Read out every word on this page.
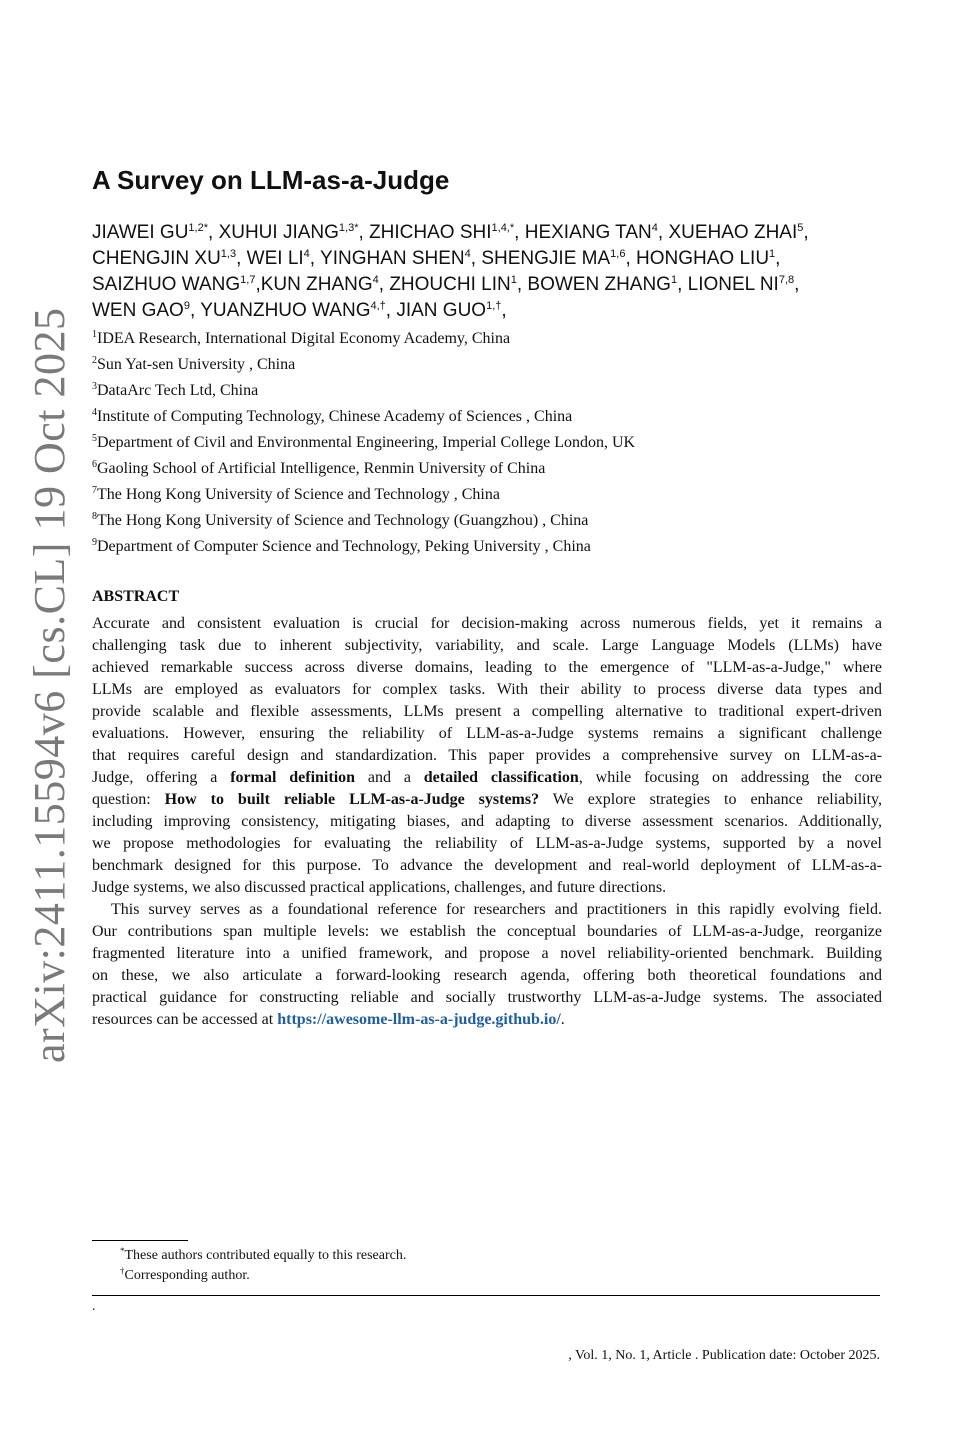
arXiv:2411.15594v6 [cs.CL] 19 Oct 2025
A Survey on LLM-as-a-Judge
JIAWEI $GU^{1,2*}$, XUHUI $JIANG^{1,3*}$, ZHICHAO $SHI^{1,4,*}$, HEXIANG TAN$^4$, XUEHAO ZHAI$^5$,
CHENGJIN XU$^{1,3}$, WEI $LI^4$, YINGHAN SHEN$^4$, SHENGJIE MA$^{1,6}$, HONGHAO LIU$^1$,
SAIZHUO WANG$^{1,7}$,KUN ZHANG$^4$, ZHOUCHI LIN$^1$, BOWEN ZHANG$^1$, LIONEL NI$^{7,8}$,
WEN GAO$^9$, YUANZHUO $WANG^{4,\dagger}$, JIAN $GUO^{1,\dagger}$,
$^1$IDEA Research, International Digital Economy Academy, China
$^2$Sun Yat-sen University , China
$^3$DataArc Tech Ltd, China
$^4$Institute of Computing Technology, Chinese Academy of Sciences , China
$^5$Department of Civil and Environmental Engineering, Imperial College London, UK
$^6$Gaoling School of Artificial Intelligence, Renmin University of China
$^7$The Hong Kong University of Science and Technology , China
$^8$The Hong Kong University of Science and Technology (Guangzhou) , China
$^9$Department of Computer Science and Technology, Peking University , China
ABSTRACT
Accurate and consistent evaluation is crucial for decision-making across numerous fields, yet it remains a
challenging task due to inherent subjectivity, variability, and scale. Large Language Models (LLMs) have
achieved remarkable success across diverse domains, leading to the emergence of "LLM-as-a-Judge," where
LLMs are employed as evaluators for complex tasks. With their ability to process diverse data types and
provide scalable and flexible assessments, LLMs present a compelling alternative to traditional expert-driven
evaluations. However, ensuring the reliability of LLM-as-a-Judge systems remains a significant challenge
that requires careful design and standardization. This paper provides a comprehensive survey on LLM-as-a-
Judge, offering a formal definition and a detailed classification, while focusing on addressing the core
question: How to built reliable LLM-as-a-Judge systems? We explore strategies to enhance reliability,
including improving consistency, mitigating biases, and adapting to diverse assessment scenarios. Additionally,
we propose methodologies for evaluating the reliability of LLM-as-a-Judge systems, supported by a novel
benchmark designed for this purpose. To advance the development and real-world deployment of LLM-as-a-
Judge systems, we also discussed practical applications, challenges, and future directions.
This survey serves as a foundational reference for researchers and practitioners in this rapidly evolving field.
Our contributions span multiple levels: we establish the conceptual boundaries of LLM-as-a-Judge, reorganize
fragmented literature into a unified framework, and propose a novel reliability-oriented benchmark. Building
on these, we also articulate a forward-looking research agenda, offering both theoretical foundations and
practical guidance for constructing reliable and socially trustworthy LLM-as-a-Judge systems. The associated
resources can be accessed at https://awesome-llm-as-a-judge.github.io/.
*These authors contributed equally to this research.
†Corresponding author.
.
, Vol. 1, No. 1, Article . Publication date: October 2025.
